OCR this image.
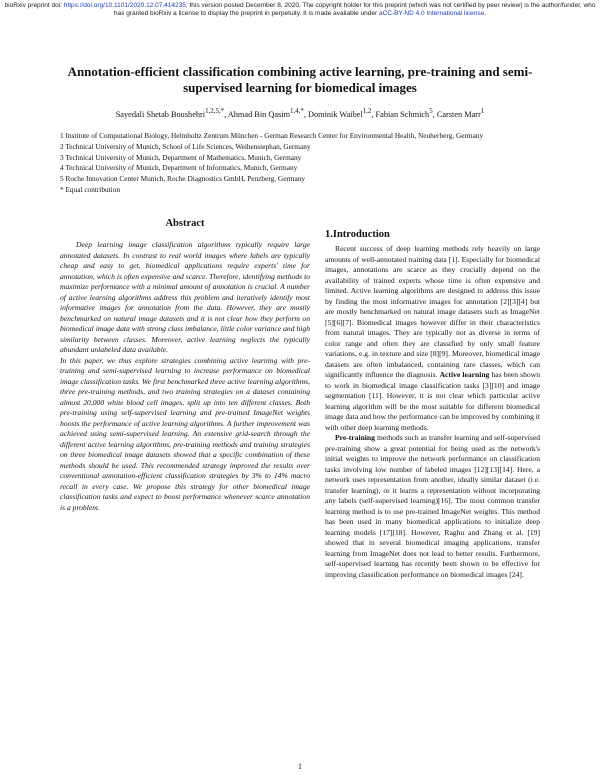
bioRxiv preprint doi: https://doi.org/10.1101/2020.12.07.414235; this version posted December 8, 2020. The copyright holder for this preprint (which was not certified by peer review) is the author/funder, who has granted bioRxiv a license to display the preprint in perpetuity. It is made available under aCC-BY-ND 4.0 International license.
Annotation-efficient classification combining active learning, pre-training and semi-supervised learning for biomedical images
Sayedali Shetab Boushehri$^{1,2,5,*}$ , Ahmad Bin Qasim$^{1,4,*}$ , Dominik Waibel$^{1,2}$ , Fabian Schmich$^5$ , Carsten Marr$^1$
1 Institute of Computational Biology, Helmholtz Zentrum München - German Research Center for Environmental Health, Neuherberg, Germany
2 Technical University of Munich, School of Life Sciences, Weihenstephan, Germany
3 Technical University of Munich, Department of Mathematics, Munich, Germany
4 Technical University of Munich, Department of Informatics, Munich, Germany
5 Roche Innovation Center Munich, Roche Diagnostics GmbH, Penzberg, Germany
* Equal contribution
Abstract

Deep learning image classification algorithms typically require large annotated datasets. In contrast to real world images where labels are typically cheap and easy to get, biomedical applications require experts' time for annotation, which is often expensive and scarce. Therefore, identifying methods to maximize performance with a minimal amount of annotation is crucial. A number of active learning algorithms address this problem and iteratively identify most informative images for annotation from the data. However, they are mostly benchmarked on natural image datasets and it is not clear how they perform on biomedical image data with strong class imbalance, little color variance and high similarity between classes. Moreover, active learning neglects the typically abundant unlabeled data available.

In this paper, we thus explore strategies combining active learning with pre-training and semi-supervised learning to increase performance on biomedical image classification tasks. We first benchmarked three active learning algorithms, three pre-training methods, and two training strategies on a dataset containing almost 20,000 white blood cell images, split up into ten different classes. Both pre-training using self-supervised learning and pre-trained ImageNet weights boosts the performance of active learning algorithms. A further improvement was achieved using semi-supervised learning. An extensive grid-search through the different active learning algorithms, pre-training methods and training strategies on three biomedical image datasets showed that a specific combination of these methods should be used. This recommended strategy improved the results over conventional annotation-efficient classification strategies by 3% to 14% macro recall in every case. We propose this strategy for other biomedical image classification tasks and expect to boost performance whenever scarce annotation is a problem.

1.Introduction

Recent success of deep learning methods rely heavily on large amounts of well-annotated training data [1]. Especially for biomedical images, annotations are scarce as they crucially depend on the availability of trained experts whose time is often expensive and limited. Active learning algorithms are designed to address this issue by finding the most informative images for annotation [2][3][4] but are mostly benchmarked on natural image datasets such as ImageNet [5][6][7]. Biomedical images however differ in their characteristics from natural images. They are typically not as diverse in terms of color range and often they are classified by only small feature variations, e.g. in texture and size [8][9]. Moreover, biomedical image datasets are often imbalanced, containing rare classes, which can significantly influence the diagnosis. Active learning has been shown to work in biomedical image classification tasks [3][10] and image segmentation [11]. However, it is not clear which particular active learning algorithm will be the most suitable for different biomedical image data and how the performance can be improved by combining it with other deep learning methods.

Pre-training methods such as transfer learning and self-supervised pre-training show a great potential for being used as the network's initial weights to improve the network performance on classification tasks involving low number of labeled images [12][13][14]. Here, a network uses representation from another, ideally similar dataset (i.e. transfer learning), or it learns a representation without incorporating any labels (self-supervised learning)[16]. The most common transfer learning method is to use pre-trained ImageNet weights. This method has been used in many biomedical applications to initialize deep learning models [17][18]. However, Raghu and Zhang et al. [19] showed that in several biomedical imaging applications, transfer learning from ImageNet does not lead to better results. Furthermore, self-supervised learning has recently been shown to be effective for improving classification performance on biomedical images [24].

1
